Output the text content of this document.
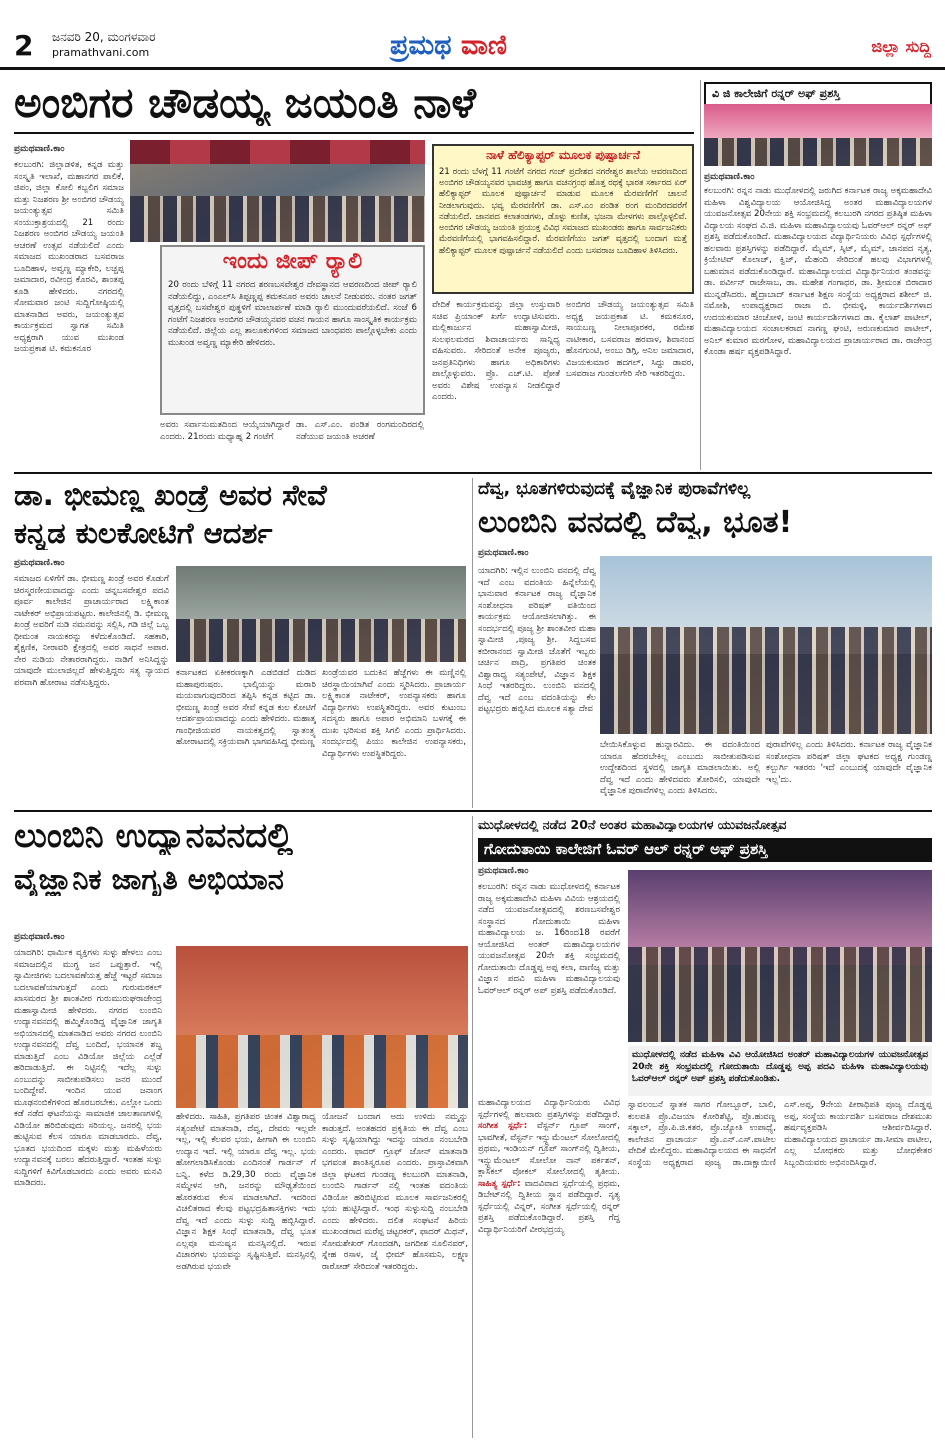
2 ಜನವರಿ 20, ಮಂಗಳವಾರ
pramathvani.com	ಪ್ರಮಥ ವಾಣಿ	ಜಿಲ್ಲಾ ಸುದ್ದಿ
ಅಂಬಿಗರ ಚೌಡಯ್ಯ ಜಯಂತಿ ನಾಳೆ
ಪ್ರಮಥವಾಣಿ.ಕಾಂ
ಕಲಬುರಗಿ: ಜಿಲ್ಲಾಡಳಿತ, ಕನ್ನಡ ಮತ್ತು ಸಂಸ್ಕೃತಿ ಇಲಾಖೆ, ಮಹಾನಗರ ಪಾಲಿಕೆ, ಜಿಪಂ, ಜಿಲ್ಲಾ ಕೋಲಿ ಕಬ್ಬಲಿಗ ಸಮಾಜ ಮತ್ತು ನಿಜಶರಣ ಶ್ರೀ ಅಂಬಿಗರ ಚೌಡಯ್ಯ ಜಯಂತ್ಯುತ್ಸವ ಸಮಿತಿ ಸಂಯುಕ್ತಾಶ್ರಯದಲ್ಲಿ 21 ರಂದು ನಿಜಶರಣ ಅಂಬಿಗರ ಚೌಡಯ್ಯ ಜಯಂತಿ ಆಚರಣೆ ಉತ್ಸವ ನಡೆಯಲಿದೆ ಎಂದು ಸಮಾಜದ ಮುಖಂಡರಾದ ಬಸವರಾಜ ಬೂದಿಹಾಳ, ಅವ್ವಣ್ಣ ಮ್ಯಾಕೇರಿ, ಲಚ್ಚಪ್ಪ ಜಮಾದಾರ, ರವೀಂದ್ರ ಕೊರವಿ, ಶಾಂತಪ್ಪ ಕೂಡಿ ಹೇಳಿದರು. ನಗರದಲ್ಲಿ ಸೋಮವಾರ ಜಂಟಿ ಸುದ್ದಿಗೋಷ್ಠಿಯಲ್ಲಿ ಮಾತನಾಡಿದ ಅವರು, ಜಯಂತ್ಯುತ್ಸವ ಕಾರ್ಯಕ್ರಮದ ಸ್ವಾಗತ ಸಮಿತಿ ಅಧ್ಯಕ್ಷರಾಗಿ ಯುವ ಮುಖಂಡ ಜಯಪ್ರಕಾಶ ಟಿ. ಕಮಕನೂರ
ನಾಳೆ ಹೆಲಿಕ್ಯಾಪ್ಟರ್ ಮೂಲಕ ಪುಷ್ಪಾರ್ಚನೆ
21 ರಂದು ಬೆಳಗ್ಗೆ 11 ಗಂಟೆಗೆ ನಗರದ ಗಂಜ್ ಪ್ರದೇಶದ ನಗರೇಶ್ವರ ಶಾಲೆಯ ಆವರಣದಿಂದ ಅಂಬಿಗರ ಚೌಡಯ್ಯನವರ ಭಾವಚಿತ್ರ ಹಾಗೂ ವಚನಗ್ರಂಥ ಹೊತ್ತ ರಥಕ್ಕೆ ಭಾರತ ಸರ್ಕಾರದ ಏರ್ ಹೆಲಿಕ್ಯಾಪ್ಟರ್ ಮೂಲಕ ಪುಷ್ಪಾರ್ಚನೆ ಮಾಡುವ ಮೂಲಕ ಮೆರವಣಿಗೆಗೆ ಚಾಲನೆ ನೀಡಲಾಗುವುದು. ಭವ್ಯ ಮೆರವಣಿಗೆಗೆ ಡಾ. ಎಸ್.ಎಂ ಪಂಡಿತ ರಂಗ ಮಂದಿರದವರೆಗೆ ನಡೆಯಲಿದೆ. ಜಾನಪದ ಕಲಾತಂಡಗಳು, ಡೊಳ್ಳು ಕುಣಿತ, ಭಜನಾ ಮೇಳಗಳು ಪಾಲ್ಗೊಳ್ಳಲಿವೆ. ಅಂಬಿಗರ ಚೌಡಯ್ಯ ಜಯಂತಿ ಪ್ರಯುಕ್ತ ವಿವಿಧ ಸಮಾಜದ ಮುಖಂಡರು ಹಾಗೂ ಸಾರ್ವಜನಿಕರು ಮೆರವಣಿಗೆಯಲ್ಲಿ ಭಾಗವಹಿಸಲಿದ್ದಾರೆ. ಮೆರವಣಿಗೆಯು ಜಗತ್ ವೃತ್ತದಲ್ಲಿ ಬಂದಾಗ ಮತ್ತೆ ಹೆಲಿಕ್ಯಾಪ್ಟರ್ ಮೂಲಕ ಪುಷ್ಪಾರ್ಚನೆ ನಡೆಯಲಿದೆ ಎಂದು ಬಸವರಾಜ ಬೂದಿಹಾಳ ತಿಳಿಸಿದರು.
ಇಂದು ಜೀಪ್ ರ್‍ಯಾಲಿ
20 ರಂದು ಬೆಳಿಗ್ಗೆ 11 ನಗರದ ಶರಣಬಸವೇಶ್ವರ ದೇವಸ್ಥಾನದ ಆವರಣದಿಂದ ಜೀಪ್ ರ್‍ಯಾಲಿ ನಡೆಯಲಿದ್ದು, ಎಂಎಲ್‌ಸಿ ತಿಪ್ಪಣ್ಣಪ್ಪ ಕಮಕನೂರ ಅವರು ಚಾಲನೆ ನೀಡುವರು. ನಂತರ ಜಗತ್ ವೃತ್ತದಲ್ಲಿ ಬಸವೇಶ್ವರ ಪುತ್ಥಳಿಗೆ ಮಾಲಾರ್ಪಣೆ ಮಾಡಿ ರ್‍ಯಾಲಿ ಮುಂದುವರೆಯಲಿದೆ. ಸಂಜೆ 6 ಗಂಟೆಗೆ ನಿಜಶರಣ ಅಂಬಿಗರ ಚೌಡಯ್ಯನವರ ವಚನ ಗಾಯನ ಹಾಗೂ ಸಾಂಸ್ಕೃತಿಕ ಕಾರ್ಯಕ್ರಮ ನಡೆಯಲಿದೆ. ಜಿಲ್ಲೆಯ ಎಲ್ಲ ತಾಲೂಕುಗಳಿಂದ ಸಮಾಜದ ಬಾಂಧವರು ಪಾಲ್ಗೊಳ್ಳಬೇಕು ಎಂದು ಮುಖಂಡ ಅವ್ವಣ್ಣ ಮ್ಯಾಕೇರಿ ಹೇಳಿದರು.
ಅವರು ಸರ್ವಾನುಮತದಿಂದ ಆಯ್ಕೆಯಾಗಿದ್ದಾರೆ ಎಂದರು. 21ರಂದು ಮಧ್ಯಾಹ್ನ 2 ಗಂಟೆಗೆ
ಡಾ. ಎಸ್.ಎಂ. ಪಂಡಿತ ರಂಗಮಂದಿರದಲ್ಲಿ ನಡೆಯುವ ಜಯಂತಿ ಅಚರಣೆ
ವೇದಿಕೆ ಕಾರ್ಯಕ್ರಮವನ್ನು ಜಿಲ್ಲಾ ಉಸ್ತುವಾರಿ ಸಚಿವ ಪ್ರಿಯಾಂಕ್ ಖರ್ಗೆ ಉದ್ಘಾಟಿಸುವರು. ಮಲ್ಲಿಕಾರ್ಜುನ ಮಹಾಸ್ವಾಮೀಜಿ, ಸುಲಫಲಮಠದ ಶಿವಾಚಾರ್ಯರು ಸಾನ್ನಿಧ್ಯ ವಹಿಸುವರು. ಸೇರಿದಂತೆ ಅನೇಕ ಪೂಜ್ಯರು, ಜನಪ್ರತಿನಿಧಿಗಳು ಹಾಗೂ ಅಧಿಕಾರಿಗಳು ಪಾಲ್ಗೊಳ್ಳುವರು. ಪ್ರೊ. ಎಚ್.ಟಿ. ಪೋತೆ ಅವರು ವಿಶೇಷ ಉಪನ್ಯಾಸ ನೀಡಲಿದ್ದಾರೆ ಎಂದರು.
ಅಂಬಿಗರ ಚೌಡಯ್ಯ ಜಯಂತ್ಯುತ್ಸವ ಸಮಿತಿ ಅಧ್ಯಕ್ಷ ಜಯಪ್ರಕಾಶ ಟಿ. ಕಮಕನೂರ, ಸಾಯಬಣ್ಣ ನೀಲಾಪೂರಕರ, ರಮೇಶ ನಾಟೀಕಾರ, ಬಸವರಾಜ ಹರವಾಳ, ಶಿವಾನಂದ ಹೊನಗುಂಟಿ, ಅಂಬು ಡಿಗ್ಗಿ, ಅನಿಲ ಜಮಾದಾರ, ವಿಜಯಕುಮಾರ ಹದಗಲ್, ಸಿದ್ದು ಡಾವರ, ಬಸವರಾಜ ಗುಂಡಲಗೇರಿ ಸೇರಿ ಇತರರಿದ್ದರು.
ವಿ ಜಿ ಕಾಲೇಜಿಗೆ ರನ್ನರ್ ಅಫ್ ಪ್ರಶಸ್ತಿ
ಪ್ರಮಥವಾಣಿ.ಕಾಂ
ಕಲಬುರಗಿ: ರನ್ನನ ನಾಡು ಮುಧೋಳದಲ್ಲಿ ಜರುಗಿದ ಕರ್ನಾಟಕ ರಾಜ್ಯ ಅಕ್ಕಮಹಾದೇವಿ ಮಹಿಳಾ ವಿಶ್ವವಿದ್ಯಾಲಯ ಆಯೋಜಿಸಿದ್ದ ಅಂತರ ಮಹಾವಿದ್ಯಾಲಯಗಳ ಯುವಜನೋತ್ಸವ 20ನೇಯ ಶಕ್ತಿ ಸಂಭ್ರಮದಲ್ಲಿ ಕಲಬುರಗಿ ನಗರದ ಪ್ರತಿಷ್ಠಿತ ಮಹಿಳಾ ವಿದ್ಯಾಲಯ ಸಂಘದ ವಿ.ಜಿ. ಮಹಿಳಾ ಮಹಾವಿದ್ಯಾಲಯವು ಓವರ್‌ಆಲ್ ರನ್ನರ್ ಅಫ್ ಪ್ರಶಸ್ತಿ ಪಡೆದುಕೊಂಡಿದೆ. ಮಹಾವಿದ್ಯಾಲಯದ ವಿದ್ಯಾರ್ಥಿನಿಯರು ವಿವಿಧ ಸ್ಪರ್ಧೆಗಳಲ್ಲಿ ಹಲವಾರು ಪ್ರಶಸ್ತಿಗಳನ್ನು ಪಡೆದಿದ್ದಾರೆ. ಮೈಮ್, ಸ್ಕಿಟ್, ಮೈಮ್, ಜಾನಪದ ನೃತ್ಯ, ಕ್ರಿಯೇಟಿವ್ ಕೊಲಾಜ್, ಕ್ವಿಜ್, ಮೆಹಂದಿ ಸೇರಿದಂತೆ ಹಲವು ವಿಭಾಗಗಳಲ್ಲಿ ಬಹುಮಾನ ಪಡೆದುಕೊಂಡಿದ್ದಾರೆ. ಮಹಾವಿದ್ಯಾಲಯದ ವಿದ್ಯಾರ್ಥಿನಿಯರ ತಂಡವನ್ನು ಡಾ. ಪರ್ವೀನ್ ರಾಜೇಸಾಬ, ಡಾ. ಮಹೇಶ ಗಂಗಾಧರ, ಡಾ. ಶ್ರೀಮಂತ ಬಿರಾದಾರ ಮುನ್ನಡೆಸಿದರು. ಹೈದ್ರಾಬಾದ್ ಕರ್ನಾಟಕ ಶಿಕ್ಷಣ ಸಂಸ್ಥೆಯ ಅಧ್ಯಕ್ಷರಾದ ಶಶೀಲ್ ಜಿ. ನಮೋಶಿ, ಉಪಾಧ್ಯಕ್ಷರಾದ ರಾಜಾ ಬಿ. ಭೀಮಳ್ಳಿ, ಕಾರ್ಯದರ್ಶಿಗಳಾದ ಉದಯಕುಮಾರ ಚಿಂಚೋಳಿ, ಜಂಟಿ ಕಾರ್ಯದರ್ಶಿಗಳಾದ ಡಾ. ಕೈಲಾಶ್ ಪಾಟೀಲ್, ಮಹಾವಿದ್ಯಾಲಯದ ಸಂಚಾಲಕರಾದ ನಾಗಣ್ಣ ಘಂಟಿ, ಅರುಣಕುಮಾರ ಪಾಟೀಲ್, ಅನಿಲ್ ಕುಮಾರ ಮರಗೋಳ, ಮಹಾವಿದ್ಯಾಲಯದ ಪ್ರಾಚಾರ್ಯರಾದ ಡಾ. ರಾಜೇಂದ್ರ ಕೊಂಡಾ ಹರ್ಷ ವ್ಯಕ್ತಪಡಿಸಿದ್ದಾರೆ.
ಡಾ. ಭೀಮಣ್ಣ ಖಂಡ್ರೆ ಅವರ ಸೇವೆ
ಕನ್ನಡ ಕುಲಕೋಟಿಗೆ ಆದರ್ಶ
ಪ್ರಮಥವಾಣಿ.ಕಾಂ
ಸಮಾಜದ ಏಳಿಗೆಗೆ ಡಾ. ಭೀಮಣ್ಣ ಖಂಡ್ರೆ ಅವರ ಕೊಡುಗೆ ಚಿರಸ್ಮರಣೀಯವಾದದ್ದು ಎಂದು ಚನ್ನಬಸವೇಶ್ವರ ಪದವಿ ಪೂರ್ವ ಕಾಲೇಜಿನ ಪ್ರಾಚಾರ್ಯರಾದ ಲಕ್ಷ್ಮಿಕಾಂತ ನಾಟೇಕರ್ ಅಭಿಪ್ರಾಯಪಟ್ಟರು. ಕಾಲೇಜಿನಲ್ಲಿ ಡಿ. ಭೀಮಣ್ಣ ಖಂಡ್ರೆ ಅವರಿಗೆ ನುಡಿ ನಮನವನ್ನು ಸಲ್ಲಿಸಿ, ಗಡಿ ಜಿಲ್ಲೆ ಒಬ್ಬ ಧೀಮಂತ ನಾಯಕರನ್ನು ಕಳೆದುಕೊಂಡಿದೆ. ಸಹಕಾರಿ, ಶೈಕ್ಷಣಿಕ, ನೀರಾವರಿ ಕ್ಷೇತ್ರದಲ್ಲಿ ಅವರ ಸಾಧನೆ ಅಪಾರ. ನೇರ ನುಡಿಯ ನೇತಾರರಾಗಿದ್ದರು. ನಾಡಿಗೆ ಅನಿಸಿದ್ದನ್ನು ಯಾವುದೇ ಮುಲಾಜಿಲ್ಲದೆ ಹೇಳುತ್ತಿದ್ದರು ಸತ್ಯ ನ್ಯಾಯದ ಪರವಾಗಿ ಹೋರಾಟ ನಡೆಸುತ್ತಿದ್ದರು.
ಕರ್ನಾಟಕದ ಏಕೀಕರಣಕ್ಕಾಗಿ ಎಡಬಿಡದೆ ದುಡಿದ ಮಹಾಪುರುಷರು. ಭಾಲ್ಕಿಯನ್ನು ಮರಾಠಿ ಮಯವಾಗುವುದರಿಂದ ತಪ್ಪಿಸಿ ಕನ್ನಡ ಕಟ್ಟಿದ ಡಾ. ಭೀಮಣ್ಣ ಖಂಡ್ರೆ ಅವರ ಸೇವೆ ಕನ್ನಡ ಕುಲ ಕೋಟಿಗೆ ಆದರ್ಶಪ್ರಾಯವಾದದ್ದು ಎಂದು ಹೇಳಿದರು. ಮಹಾತ್ಮ ಗಾಂಧೀಜಿಯವರ ನಾಯಕತ್ವದಲ್ಲಿ ಸ್ವಾತಂತ್ರ್ಯ ಹೋರಾಟದಲ್ಲಿ ಸಕ್ರಿಯವಾಗಿ ಭಾಗವಹಿಸಿದ್ದ ಭೀಮಣ್ಣ
ಖಂಡ್ರೆಯವರ ಬದುಕಿನ ಹೆಜ್ಜೆಗಳು ಈ ಮಣ್ಣಿನಲ್ಲಿ ಚಿರಸ್ಥಾಯಿಯಾಗಿವೆ ಎಂದು ಸ್ಮರಿಸಿದರು. ಪ್ರಾಚಾರ್ಯ ಲಕ್ಷ್ಮಿಕಾಂತ ನಾಟೇಕರ್, ಉಪನ್ಯಾಸಕರು ಹಾಗೂ ವಿದ್ಯಾರ್ಥಿಗಳು ಉಪಸ್ಥಿತರಿದ್ದರು. ಅವರ ಕುಟುಂಬ ಸದಸ್ಯರು ಹಾಗೂ ಅಪಾರ ಅಭಿಮಾನಿ ಬಳಗಕ್ಕೆ ಈ ದುಃಖ ಭರಿಸುವ ಶಕ್ತಿ ಸಿಗಲಿ ಎಂದು ಪ್ರಾರ್ಥಿಸಿದರು. ಸಂದರ್ಭದಲ್ಲಿ ಪಿಯು ಕಾಲೇಜಿನ ಉಪನ್ಯಾಸಕರು, ವಿದ್ಯಾರ್ಥಿಗಳು ಉಪಸ್ಥಿತರಿದ್ದರು.
ದೆವ್ವ, ಭೂತಗಳಿರುವುದಕ್ಕೆ ವೈಜ್ಞಾನಿಕ ಪುರಾವೆಗಳಿಲ್ಲ
ಲುಂಬಿನಿ ವನದಲ್ಲಿ ದೆವ್ವ, ಭೂತ!
ಪ್ರಮಥವಾಣಿ.ಕಾಂ
ಯಾದಗಿರಿ: ಇಲ್ಲಿನ ಲುಂಬಿನಿ ವನದಲ್ಲಿ ದೆವ್ವ ಇದೆ ಎಂಬ ವದಂತಿಯ ಹಿನ್ನೆಲೆಯಲ್ಲಿ ಭಾನುವಾರ ಕರ್ನಾಟಕ ರಾಜ್ಯ ವೈಜ್ಞಾನಿಕ ಸಂಶೋಧನಾ ಪರಿಷತ್ ವತಿಯಿಂದ ಕಾರ್ಯಕ್ರಮ ಆಯೋಜಿಸಲಾಗಿತ್ತು. ಈ ಸಂದರ್ಭದಲ್ಲಿ ಪೂಜ್ಯ ಶ್ರೀ ಶಾಂತವೀರ ಮಹಾ ಸ್ವಾಮೀಜಿ ,ಪೂಜ್ಯ ಶ್ರೀ. ಸಿದ್ದಬಸವ ಕಬೀರಾನಂದ ಸ್ವಾಮೀಜಿ ಜೊತೆಗೆ ಇಬ್ಬರು ಚರ್ಚಿನ ಪಾದ್ರಿ, ಪ್ರಗತಿಪರ ಚಿಂತಕ ವಿಶ್ವಾರಾಧ್ಯ ಸತ್ಯಂಪೇಟೆ, ವಿಜ್ಞಾನ ಶಿಕ್ಷಕ ಸಿಂಧೆ ಇತರರಿದ್ದರು. ಲುಂಬಿನಿ ವನದಲ್ಲಿ ದೆವ್ವ ಇದೆ ಎಂಬ ವದಂತಿಯನ್ನು ಕೆಲ ಪಟ್ಟಭದ್ರರು ಹಬ್ಬಿಸಿದ ಮೂಲಕ ಸತ್ಯಾ ದೇವ
ಬೇಯಿಸಿಕೊಳ್ಳುವ ಹುನ್ನಾರವಿದು. ಈ ವದಂತಿಯಿಂದ ಯಾರೂ ಹೆದರಬೇಕಿಲ್ಲ ಎಂಬುದು ಸಾಬೀತುಪಡಿಸುವ ಉದ್ದೇಶದಿಂದ ಸ್ಥಳದಲ್ಲಿ ಜಾಗೃತಿ ಮಾಡಲಾಯಿತು. ಅಲ್ಲಿ ದೆವ್ವ ಇದೆ ಎಂದು ಹೇಳಿದವರು ತೋರಿಸಲಿ, ಯಾವುದೇ ವೈಜ್ಞಾನಿಕ ಪುರಾವೆಗಳಿಲ್ಲ ಎಂದು ತಿಳಿಸಿದರು.
ಪುರಾವೆಗಳಿಲ್ಲ ಎಂದು ತಿಳಿಸಿದರು. ಕರ್ನಾಟಕ ರಾಜ್ಯ ವೈಜ್ಞಾನಿಕ ಸಂಶೋಧನಾ ಪರಿಷತ್ ಜಿಲ್ಲಾ ಘಟಕದ ಅಧ್ಯಕ್ಷ ಗುಂಡಣ್ಣ ಕಲ್ಬುರ್ಗಿ ಇತರರು 'ಇದೆ ಎಂಬುದಕ್ಕೆ ಯಾವುದೇ ವೈಜ್ಞಾನಿಕ ಇಲ್ಲ'ದು.
ಲುಂಬಿನಿ ಉದ್ಯಾನವನದಲ್ಲಿ
ವೈಜ್ಞಾನಿಕ ಜಾಗೃತಿ ಅಭಿಯಾನ
ಪ್ರಮಥವಾಣಿ.ಕಾಂ
ಯಾದಗಿರಿ: ಧಾರ್ಮಿಕ ವ್ಯಕ್ತಿಗಳು ಸುಳ್ಳು ಹೇಳಲು ಎಂಬ ಸಮಾಜದಲ್ಲಿನ ಮುಗ್ಧ ಜನ ಒಪ್ಪುತ್ತಾರೆ. ಇಲ್ಲಿ ಸ್ವಾಮೀಜಿಗಳು ಬದಲಾವಣೆಯತ್ತ ಹೆಜ್ಜೆ ಇಟ್ಟರೆ ಸಮಾಜ ಬದಲಾವಣೆಯಾಗುತ್ತದೆ ಎಂದು ಗುರುಮಠಕಲ್ ಖಾಸಮಠದ ಶ್ರೀ ಶಾಂತವೀರ ಗುರುಮುರುಘರಾಜೇಂದ್ರ ಮಹಾಸ್ವಾಮೀಜಿ ಹೇಳಿದರು. ನಗರದ ಲುಂಬಿನಿ ಉದ್ಯಾನವನದಲ್ಲಿ ಹಮ್ಮಿಕೊಂಡಿದ್ದ ವೈಜ್ಞಾನಿಕ ಜಾಗೃತಿ ಅಭಿಯಾನದಲ್ಲಿ ಮಾತನಾಡಿದ ಅವರು ನಗರದ ಲುಂಬಿನಿ ಉದ್ಯಾನವನದಲ್ಲಿ ದೆವ್ವ ಬಂದಿದೆ, ಭಯಾನಕ ಶಬ್ದ ಮಾಡುತ್ತಿದೆ ಎಂಬ ವಿಡಿಯೋ ಜಿಲ್ಲೆಯ ಎಲ್ಲೆಡೆ ಹರಿದಾಡುತ್ತಿದೆ. ಈ ನಿಟ್ಟಿನಲ್ಲಿ ಇದೆಲ್ಲ ಸುಳ್ಳು ಎಂಬುದನ್ನು ಸಾಬೀತುಪಡಿಸಲು ಜನರ ಮುಂದೆ ಬಂದಿದ್ದೇವೆ. ಇಂದಿನ ಯುವ ಜನಾಂಗ ಮೂಢನಂಬಿಕೆಗಳಿಂದ ಹೊರಬರಬೇಕು. ಎಲ್ಲೋ ಒಂದು ಕಡೆ ನಡೆದ ಘಟನೆಯನ್ನು ಸಾಮಾಜಿಕ ಜಾಲತಾಣಗಳಲ್ಲಿ ವಿಡಿಯೋ ಹರಿಬಿಡುವುದು ಸರಿಯಲ್ಲ. ಜನರಲ್ಲಿ ಭಯ ಹುಟ್ಟಿಸುವ ಕೆಲಸ ಯಾರೂ ಮಾಡಬಾರದು. ದೆವ್ವ, ಭೂತದ ಭಯದಿಂದ ಮಕ್ಕಳು ಮತ್ತು ಮಹಿಳೆಯರು ಉದ್ಯಾನವನಕ್ಕೆ ಬರಲು ಹೆದರುತ್ತಿದ್ದಾರೆ. ಇಂತಹ ಸುಳ್ಳು ಸುದ್ದಿಗಳಿಗೆ ಕಿವಿಗೊಡಬಾರದು ಎಂದು ಅವರು ಮನವಿ ಮಾಡಿದರು.
ಹೇಳಿದರು. ಸಾಹಿತಿ, ಪ್ರಗತಿಪರ ಚಿಂತಕ ವಿಶ್ವಾರಾಧ್ಯ ಸತ್ಯಂಪೇಟೆ ಮಾತನಾಡಿ, ದೆವ್ವ, ದೇವರು ಇಲ್ಲವೇ ಇಲ್ಲ, ಇಲ್ಲಿ ಕೆಲವರ ಭಯ, ಹೀಗಾಗಿ ಈ ಲುಂಬಿನಿ ಉದ್ಯಾನ ಇದೆ. ಇಲ್ಲಿ ಯಾರೂ ದೆವ್ವ ಇಲ್ಲ. ಭಯ ಹೋಗಲಾಡಿಸಿಕೊಂಡು ಎಂದಿನಂತೆ ಗಾರ್ಡನ್ ಗೆ ಬನ್ನಿ. ಕಳೆದ ಡಿ.29,30 ರಂದು ವೈಜ್ಞಾನಿಕ ಸಮ್ಮೇಳನ ಆಗಿ, ಜನರನ್ನು ಮೌಢ್ಯತೆಯಿಂದ ಹೊರತರುವ ಕೆಲಸ ಮಾಡಲಾಗಿದೆ. ಇದರಿಂದ ವಿಚಲಿತರಾದ ಕೆಲವು ಪಟ್ಟಭದ್ರಹಿತಾಸಕ್ತಿಗಳು ಇದು ದೆವ್ವ ಇದೆ ಎಂದು ಸುಳ್ಳು ಸುದ್ದಿ ಹಬ್ಬಿಸಿದ್ದಾರೆ. ವಿಜ್ಞಾನ ಶಿಕ್ಷಕ ಸಿಂಧೆ ಮಾತನಾಡಿ, ದೆವ್ವ ಭೂತ ಎಲ್ಲವೂ ಮನುಷ್ಯನ ಮನಸ್ಸಿನಲ್ಲಿದೆ. ಇರುವ ವಿಚಾರಗಳು ಭಯವನ್ನು ಸೃಷ್ಟಿಸುತ್ತಿವೆ. ಮನಸ್ಸಿನಲ್ಲಿ ಅಡಗಿರುವ ಭಯವೇ
ಯೋಜನೆ ಬಂದಾಗ ಅದು ಉಳಿದು ನಮ್ಮನ್ನು ಕಾಡುತ್ತದೆ. ಅಂತಹದರ ಪ್ರಕೃತಿಯ ಈ ದೆವ್ವ ಎಂಬ ಸುಳ್ಳು ಸೃಷ್ಟಿಯಾಗಿದ್ದು ಇದನ್ನು ಯಾರೂ ನಂಬಬೇಡಿ ಎಂದರು. ಫಾದರ್ ಗ್ರೂಫ್ ಜೋನ್ ಮಾತನಾಡಿ ಭಗವಂತ ಶಾಂತಿಸ್ವರೂಪ ಎಂದರು. ಪ್ರಾಸ್ತಾವಿಕವಾಗಿ ಜಿಲ್ಲಾ ಘಟಕದ ಗುಂಡಣ್ಣ ಕಲಬುರಗಿ ಮಾತನಾಡಿ, ಲುಂಬಿನಿ ಗಾರ್ಡನ್ ನಲ್ಲಿ ಇಂತಹ ವದಂತಿಯ ವಿಡಿಯೋ ಹರಿಬಿಟ್ಟಿರುವ ಮೂಲಕ ಸಾರ್ವಜನಿಕರಲ್ಲಿ ಭಯ ಹುಟ್ಟಿಸಿದ್ದಾರೆ. ಇಂಥ ಸುಳ್ಳುಸುದ್ದಿ ನಂಬಬೇಡಿ ಎಂದು ಹೇಳಿದರು. ದಲಿತ ಸಂಘಟನೆ ಹಿರಿಯ ಮುಖಂಡರಾದ ಮರೆಪ್ಪ ಚಟ್ಟರಕರ್, ಫಾದರ್ ಮಿಥನ್, ಸೋಮಶೇಖರ್ ಗೊಂದಡಗಿ, ಜಗದೀಶ ನೂಲಿನವರ್, ಸ್ನೇಹ ರಸಾಳ, ಜೈ ಭೀಮ್ ಹೊಸಮನಿ, ಲಕ್ಷ್ಮಣ ರಾಠೋಡ್ ಸೇರಿದಂತೆ ಇತರರಿದ್ದರು.
ಮುಧೋಳದಲ್ಲಿ ನಡೆದ 20ನೆ ಅಂತರ ಮಹಾವಿದ್ಯಾಲಯಗಳ ಯುವಜನೋತ್ಸವ
ಗೋದುತಾಯಿ ಕಾಲೇಜಿಗೆ ಓವರ್ ಆಲ್ ರನ್ನರ್ ಅಫ್ ಪ್ರಶಸ್ತಿ
ಪ್ರಮಥವಾಣಿ.ಕಾಂ
ಕಲಬುರಗಿ: ರನ್ನನ ನಾಡು ಮುಧೋಳದಲ್ಲಿ ಕರ್ನಾಟಕ ರಾಜ್ಯ ಅಕ್ಕಮಹಾದೇವಿ ಮಹಿಳಾ ವಿವಿಯ ಆಶ್ರಯದಲ್ಲಿ ನಡೆದ ಯುವಜನೋತ್ಸವದಲ್ಲಿ ಶರಣಬಸವೇಶ್ವರ ಸಂಸ್ಥಾನದ ಗೋದುತಾಯಿ ಮಹಿಳಾ ಮಹಾವಿದ್ಯಾಲಯ ಜ. 16ರಿಂದ18 ರವರೆಗೆ ಆಯೋಜಿಸಿದ ಅಂತರ್ ಮಹಾವಿದ್ಯಾಲಯಗಳ ಯುವಜನೋತ್ಸವ 20ನೇ ಶಕ್ತಿ ಸಂಭ್ರಮದಲ್ಲಿ ಗೋದುತಾಯಿ ದೊಡ್ಡಪ್ಪ ಅಪ್ಪ ಕಲಾ, ವಾಣಿಜ್ಯ ಮತ್ತು ವಿಜ್ಞಾನ ಪದವಿ ಮಹಿಳಾ ಮಹಾವಿದ್ಯಾಲಯವು ಓವರ್‌ಆಲ್ ರನ್ನರ್ ಅಪ್ ಪ್ರಶಸ್ತಿ ಪಡೆದುಕೊಂಡಿದೆ.
ಮುಧೋಳದಲ್ಲಿ ನಡೆದ ಮಹಿಳಾ ವಿವಿ ಆಯೋಜಿಸಿದ ಅಂತರ್ ಮಹಾವಿದ್ಯಾಲಯಗಳ ಯುವಜನೋತ್ಸವ 20ನೇ ಶಕ್ತಿ ಸಂಭ್ರಮದಲ್ಲಿ ಗೋದುತಾಯಿ ದೊಡ್ಡಪ್ಪ ಅಪ್ಪ ಪದವಿ ಮಹಿಳಾ ಮಹಾವಿದ್ಯಾಲಯವು ಓವರ್‌ಆಲ್ ರನ್ನರ್ ಅಪ್ ಪ್ರಶಸ್ತಿ ಪಡೆದುಕೊಂಡಿತು.
ಮಹಾವಿದ್ಯಾಲಯದ ವಿದ್ಯಾರ್ಥಿನಿಯರು ವಿವಿಧ ಸ್ಪರ್ಧೆಗಳಲ್ಲಿ ಹಲವಾರು ಪ್ರಶಸ್ತಿಗಳನ್ನು ಪಡೆದಿದ್ದಾರೆ. ಸಂಗೀತ ಸ್ಪರ್ಧೆ: ವೆಸ್ಟರ್ನ್ ಗ್ರೂಪ್ ಸಾಂಗ್, ಭಾವಗೀತೆ, ವೆಸ್ಟರ್ನ್ ಇನ್ಸ್ಟ್ರುಮೆಂಟಲ್ ಸೋಲೋದಲ್ಲಿ ಪ್ರಥಮ, ಇಂಡಿಯನ್ ಗ್ರೂಪ್ ಸಾಂಗ್‌ನಲ್ಲಿ ದ್ವಿತೀಯ, ಇನ್ಸ್ಟ್ರುಮೆಂಟಲ್ ಸೋಲೋ ನಾನ್ ಪರ್ಕಶನ್, ಕ್ಲಾಸಿಕಲ್ ವೋಕಲ್ ಸೋಲೋದಲ್ಲಿ ತೃತೀಯ. ಸಾಹಿತ್ಯ ಸ್ಪರ್ಧೆ: ವಾದವಿವಾದ ಸ್ಪರ್ಧೆಯಲ್ಲಿ ಪ್ರಥಮ, ಡಿಬೇಟ್‌ನಲ್ಲಿ ದ್ವಿತೀಯ ಸ್ಥಾನ ಪಡೆದಿದ್ದಾರೆ. ನೃತ್ಯ ಸ್ಪರ್ಧೆಯಲ್ಲಿ ವಿನ್ನರ್, ಸಂಗೀತ ಸ್ಪರ್ಧೆಯಲ್ಲಿ ರನ್ನರ್ ಪ್ರಶಸ್ತಿ ಪಡೆದುಕೊಂಡಿದ್ದಾರೆ. ಪ್ರಶಸ್ತಿ ಗೆದ್ದ ವಿದ್ಯಾರ್ಥಿನಿಯರಿಗೆ ವೀರಭದ್ರಯ್ಯ
ಸ್ವಾವಲಂಬನೆ ಸ್ನಾತಕ ಸಾಗರ ಗೋಬ್ಬೂರ್, ಬಾಲಿ, ಕುಲಪತಿ ಪ್ರೊ.ವಿಜಯಾ ಕೋರಿಶೆಟ್ಟಿ, ಪ್ರೊ.ಹುವಣ್ಣ ಸಕ್ಕಾಲ್, ಪ್ರೊ.ಪಿ.ಜಿ.ಕತರ, ಪ್ರೊ.ಜ್ಯೋತಿ ಉಪಾಧ್ಯೆ, ಕಾಲೇಜಿನ ಪ್ರಾಚಾರ್ಯ ಪ್ರೊ.ಎನ್.ಎಸ್.ಪಾಟೀಲ ವೇದಿಕೆ ಮೇಲಿದ್ದರು. ಮಹಾವಿದ್ಯಾಲಯದ ಈ ಸಾಧನೆಗೆ ಸಂಸ್ಥೆಯ ಅಧ್ಯಕ್ಷರಾದ ಪೂಜ್ಯ ಡಾ.ದಾಕ್ಷಾಯಿಣಿ ಎಸ್.ಅಪ್ಪ, 9ನೇಯ ಪೀಠಾಧಿಪತಿ ಪೂಜ್ಯ ದೊಡ್ಡಪ್ಪ ಅಪ್ಪ, ಸಂಸ್ಥೆಯ ಕಾರ್ಯದರ್ಶಿ ಬಸವರಾಜ ದೇಶಮುಖ ಹರ್ಷವ್ಯಕ್ತಪಡಿಸಿ ಆಶೀರ್ವದಿಸಿದ್ದಾರೆ. ಮಹಾವಿದ್ಯಾಲಯದ ಪ್ರಾಚಾರ್ಯ ಡಾ.ಸೀಮಾ ಪಾಟೀಲ, ಎಲ್ಲ ಬೋಧಕರು ಮತ್ತು ಬೋಧಕೇತರ ಸಿಬ್ಬಂದಿಯವರು ಅಭಿನಂದಿಸಿದ್ದಾರೆ.
